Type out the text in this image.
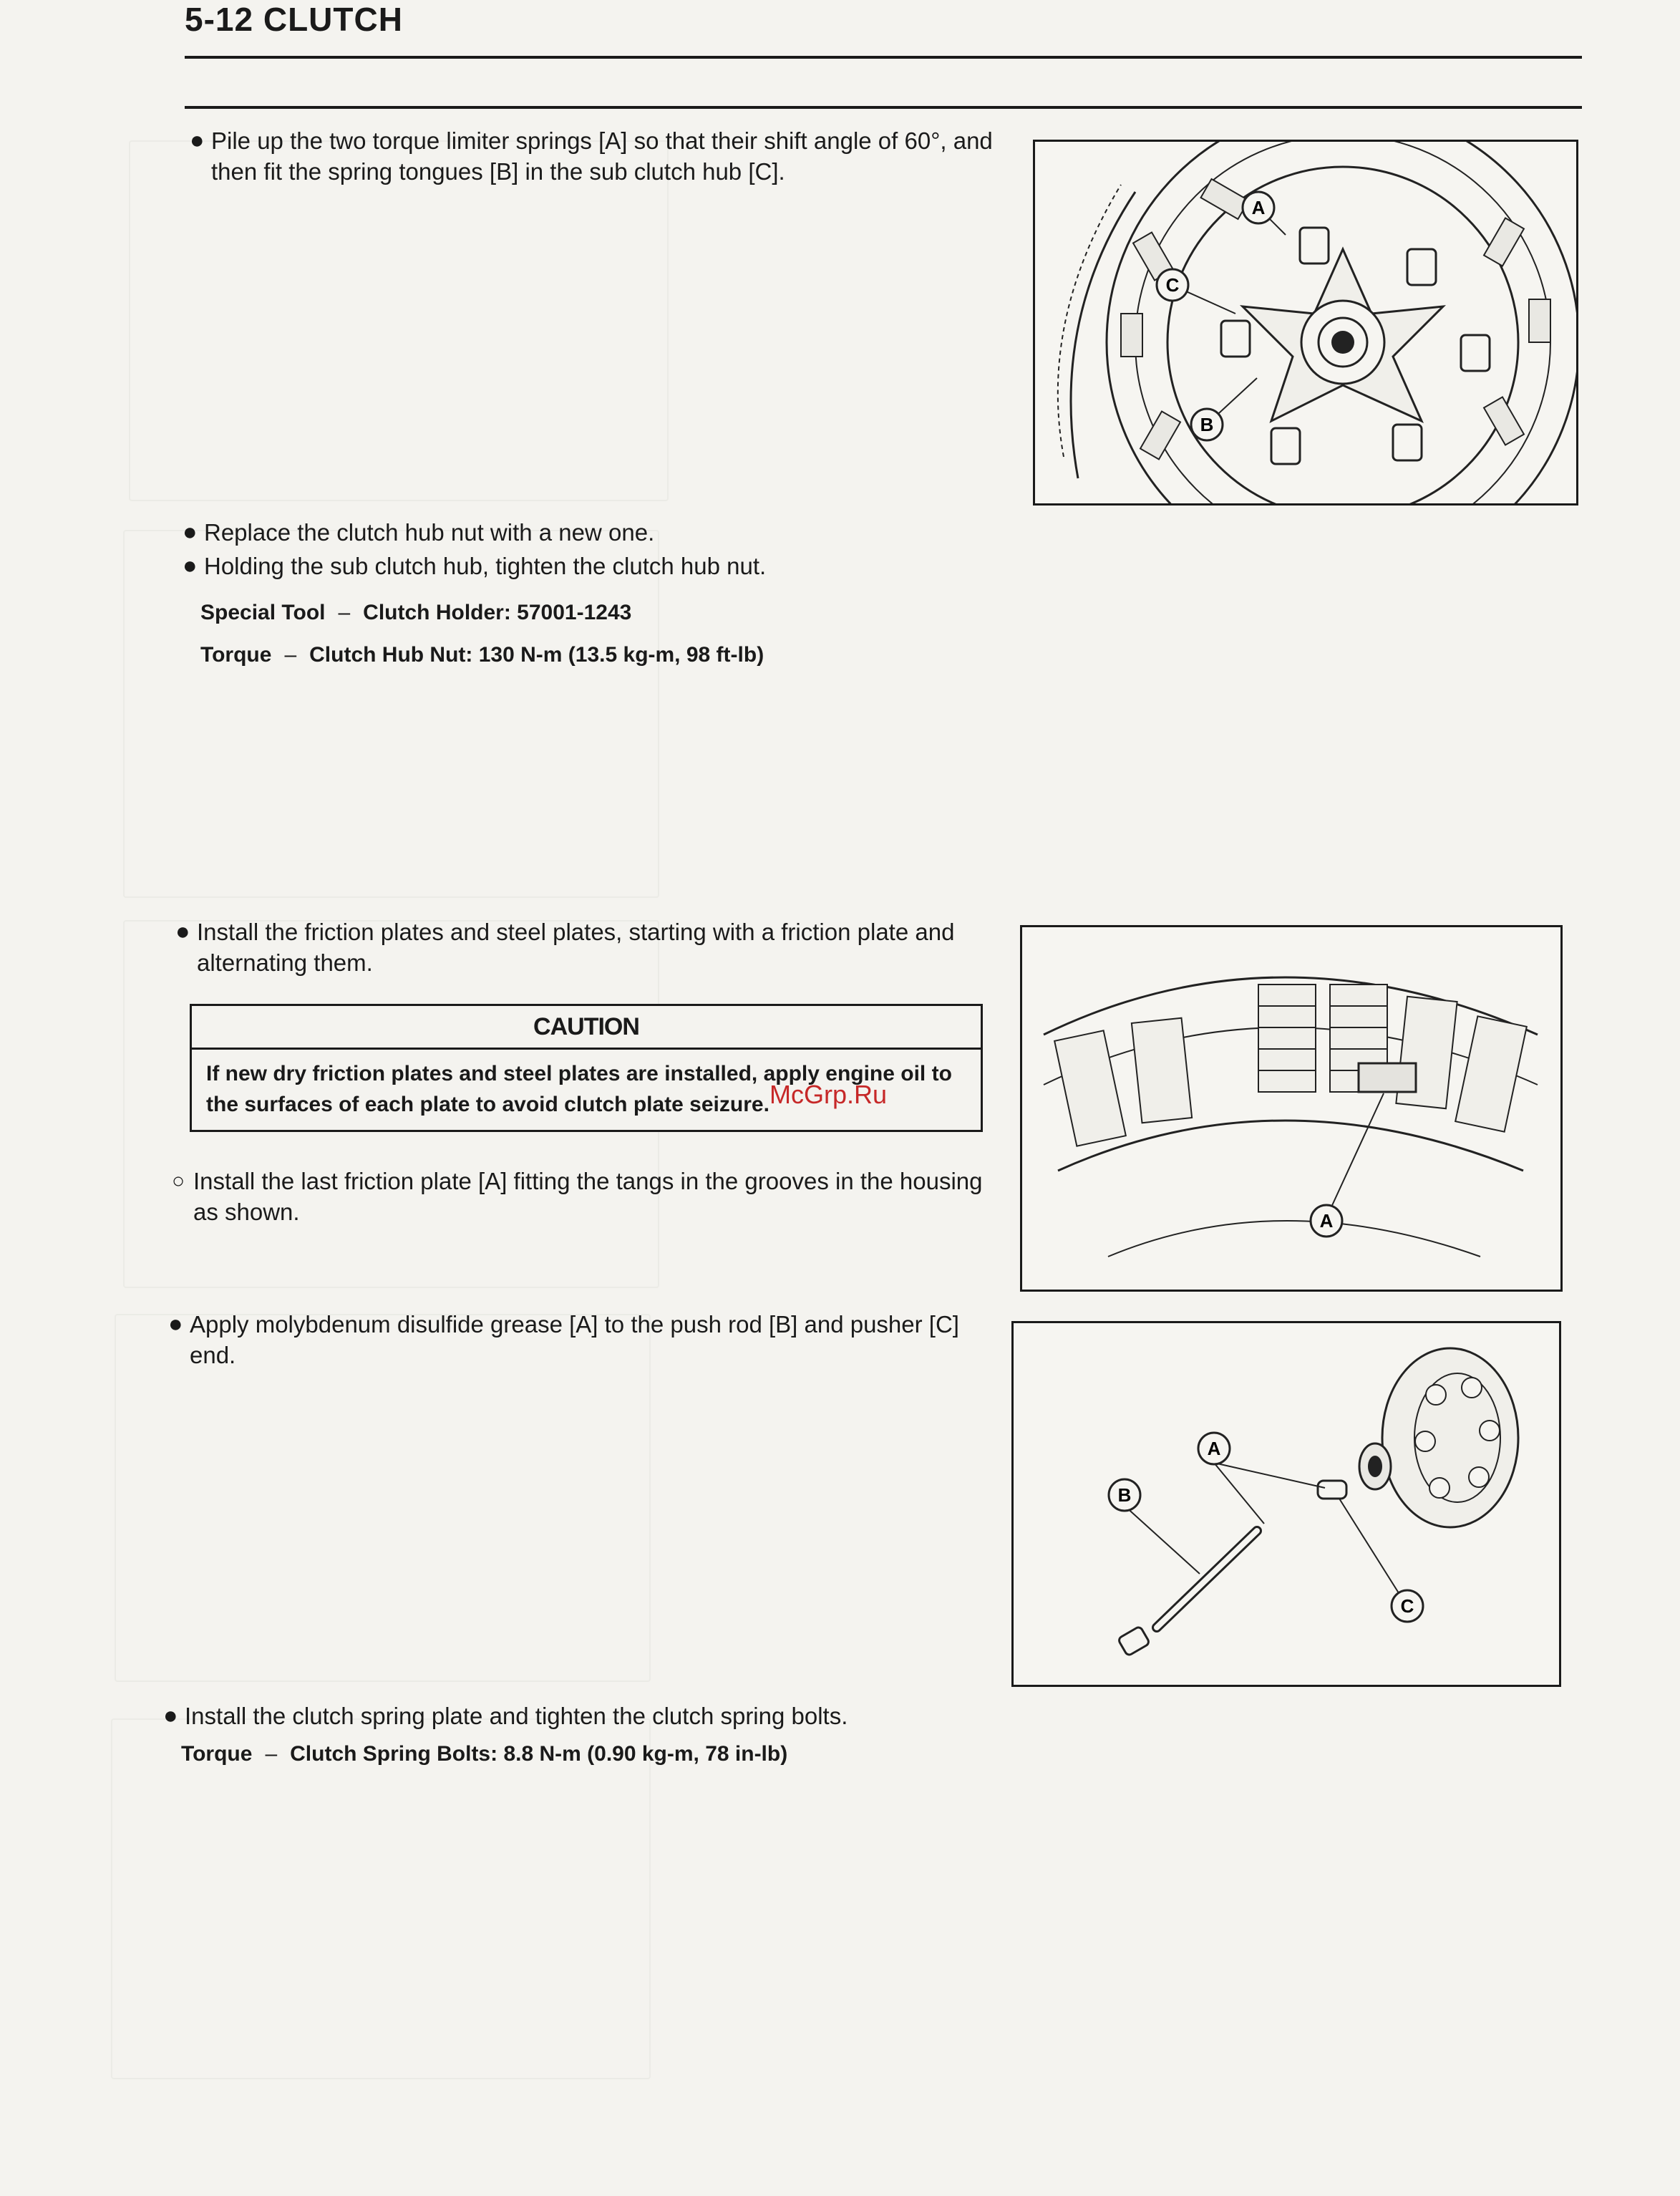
5-12 CLUTCH
● Pile up the two torque limiter springs [A] so that their shift angle of 60°, and then fit the spring tongues [B] in the sub clutch hub [C].
A
C
B
● Replace the clutch hub nut with a new one.
● Holding the sub clutch hub, tighten the clutch hub nut.
Special Tool – Clutch Holder: 57001-1243
Torque – Clutch Hub Nut: 130 N-m (13.5 kg-m, 98 ft-lb)
● Install the friction plates and steel plates, starting with a friction plate and alternating them.
CAUTION
If new dry friction plates and steel plates are installed, apply engine oil to the surfaces of each plate to avoid clutch plate seizure. McGrp.Ru
○ Install the last friction plate [A] fitting the tangs in the grooves in the housing as shown.	A
● Apply molybdenum disulfide grease [A] to the push rod [B] and pusher [C] end.
A
B
C
● Install the clutch spring plate and tighten the clutch spring bolts.
Torque – Clutch Spring Bolts: 8.8 N-m (0.90 kg-m, 78 in-lb)
